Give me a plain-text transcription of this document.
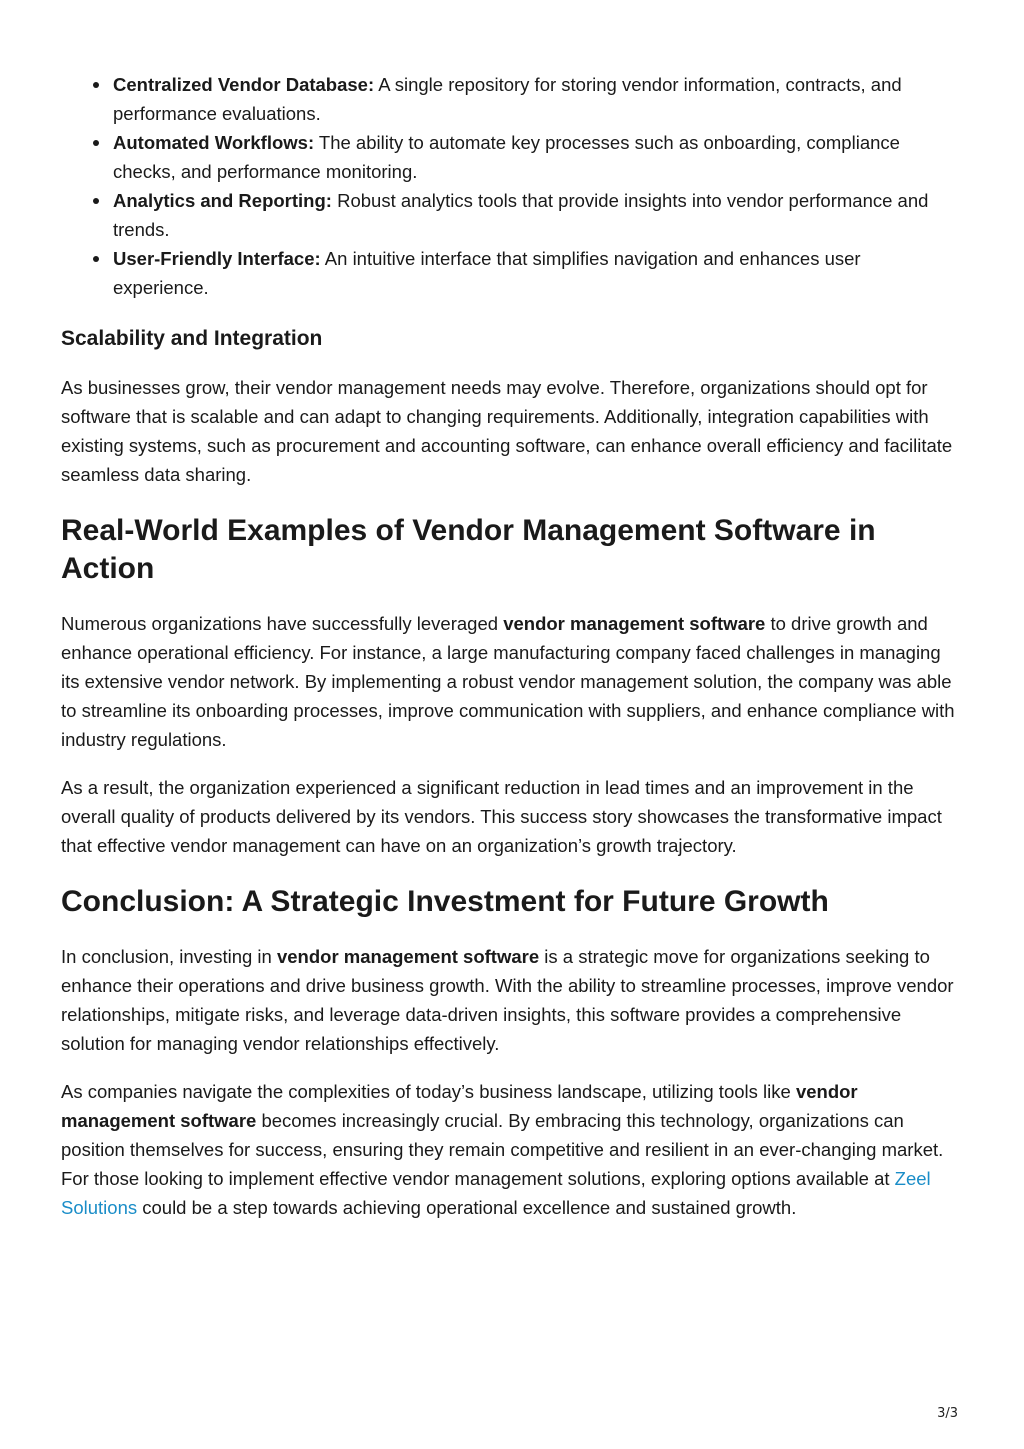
Centralized Vendor Database: A single repository for storing vendor information, contracts, and performance evaluations.
Automated Workflows: The ability to automate key processes such as onboarding, compliance checks, and performance monitoring.
Analytics and Reporting: Robust analytics tools that provide insights into vendor performance and trends.
User-Friendly Interface: An intuitive interface that simplifies navigation and enhances user experience.
Scalability and Integration

As businesses grow, their vendor management needs may evolve. Therefore, organizations should opt for software that is scalable and can adapt to changing requirements. Additionally, integration capabilities with existing systems, such as procurement and accounting software, can enhance overall efficiency and facilitate seamless data sharing.

Real-World Examples of Vendor Management Software in Action

Numerous organizations have successfully leveraged vendor management software to drive growth and enhance operational efficiency. For instance, a large manufacturing company faced challenges in managing its extensive vendor network. By implementing a robust vendor management solution, the company was able to streamline its onboarding processes, improve communication with suppliers, and enhance compliance with industry regulations.

As a result, the organization experienced a significant reduction in lead times and an improvement in the overall quality of products delivered by its vendors. This success story showcases the transformative impact that effective vendor management can have on an organization’s growth trajectory.

Conclusion: A Strategic Investment for Future Growth

In conclusion, investing in vendor management software is a strategic move for organizations seeking to enhance their operations and drive business growth. With the ability to streamline processes, improve vendor relationships, mitigate risks, and leverage data-driven insights, this software provides a comprehensive solution for managing vendor relationships effectively.

As companies navigate the complexities of today’s business landscape, utilizing tools like vendor management software becomes increasingly crucial. By embracing this technology, organizations can position themselves for success, ensuring they remain competitive and resilient in an ever-changing market. For those looking to implement effective vendor management solutions, exploring options available at Zeel Solutions could be a step towards achieving operational excellence and sustained growth.

3/3
